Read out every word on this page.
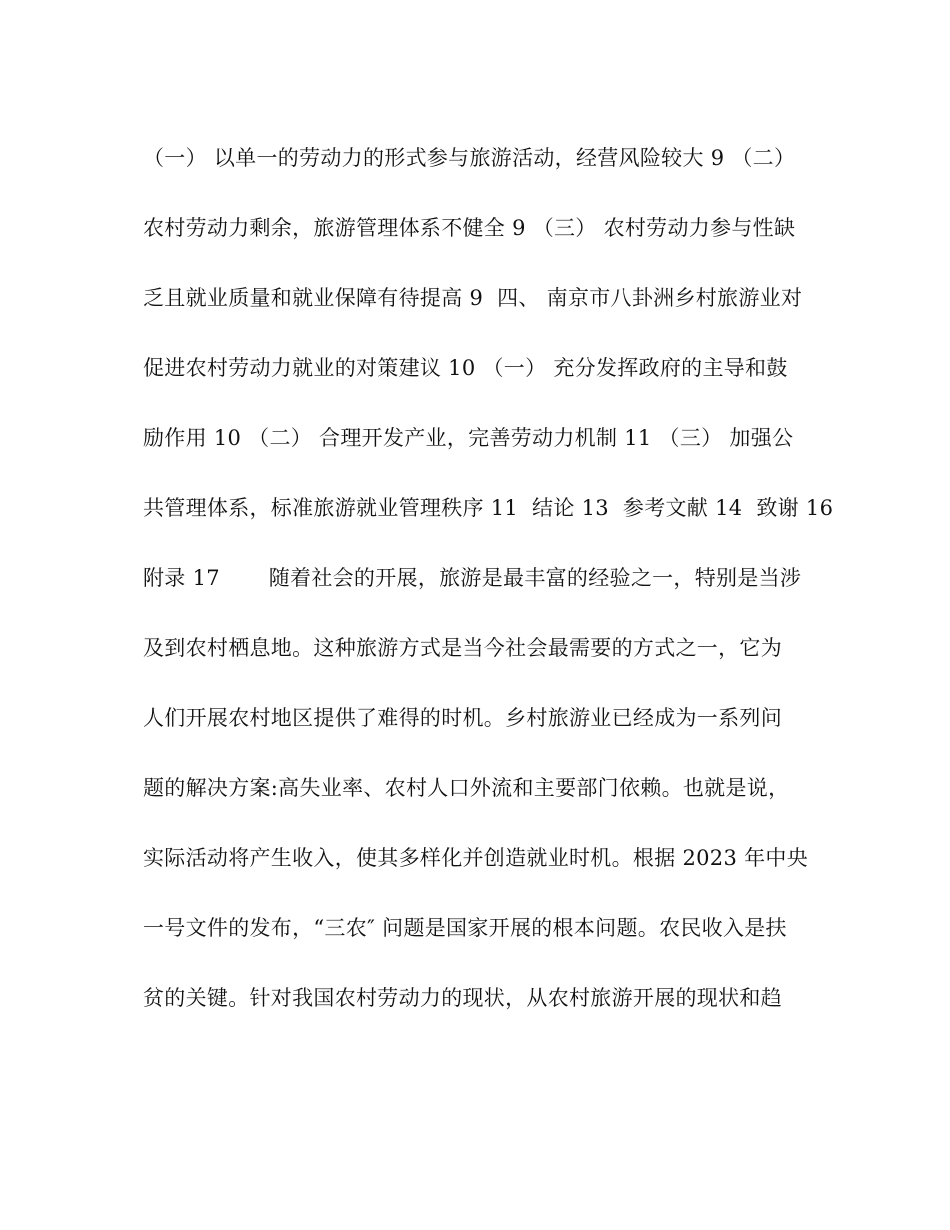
（一） 以单一的劳动力的形式参与旅游活动，经营风险较大 9 （二）
农村劳动力剩余，旅游管理体系不健全 9 （三） 农村劳动力参与性缺
乏且就业质量和就业保障有待提高 9  四、 南京市八卦洲乡村旅游业对
促进农村劳动力就业的对策建议 10 （一） 充分发挥政府的主导和鼓
励作用 10 （二） 合理开发产业，完善劳动力机制 11 （三） 加强公
共管理体系，标准旅游就业管理秩序 11  结论 13  参考文献 14  致谢 16
附录 17       随着社会的开展，旅游是最丰富的经验之一，特别是当涉
及到农村栖息地。这种旅游方式是当今社会最需要的方式之一，它为
人们开展农村地区提供了难得的时机。乡村旅游业已经成为一系列问
题的解决方案:高失业率、农村人口外流和主要部门依赖。也就是说，
实际活动将产生收入，使其多样化并创造就业时机。根据 2023 年中央
一号文件的发布，“三农″ 问题是国家开展的根本问题。农民收入是扶
贫的关键。针对我国农村劳动力的现状，从农村旅游开展的现状和趋
